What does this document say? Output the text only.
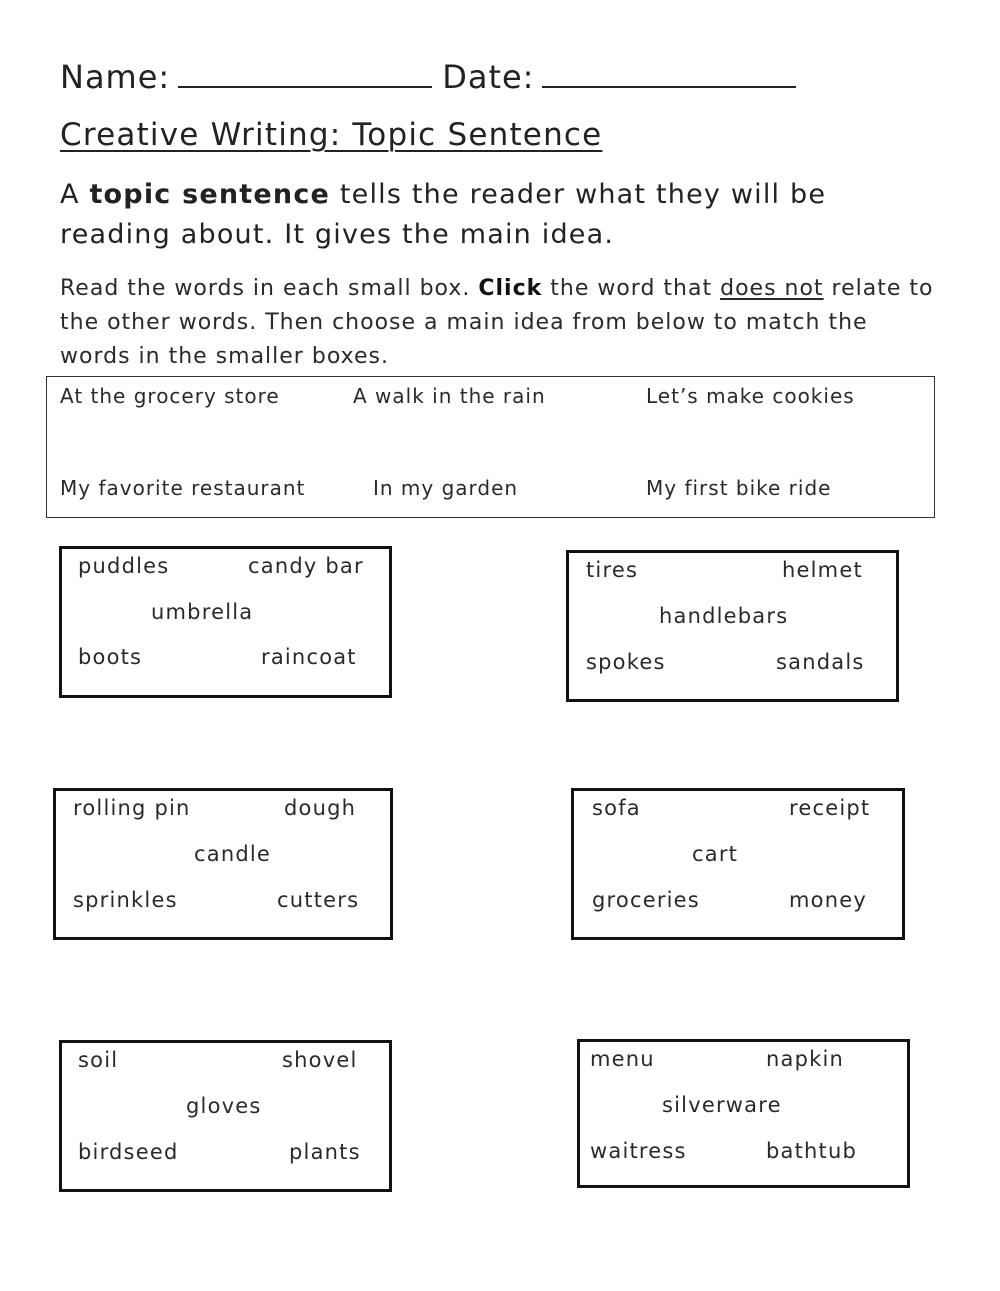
Name:	Date:
Creative Writing: Topic Sentence
A topic sentence tells the reader what they will be reading about. It gives the main idea.
Read the words in each small box. Click the word that does not relate to the other words. Then choose a main idea from below to match the words in the smaller boxes.
At the grocery store	A walk in the rain	Let’s make cookies
My favorite restaurant	In my garden	My first bike ride
puddles	candy bar
umbrella
boots	raincoat
tires	helmet
handlebars
spokes	sandals
rolling pin	dough
candle
sprinkles	cutters
sofa	receipt
cart
groceries	money
soil	shovel
gloves
birdseed	plants
menu	napkin
silverware
waitress	bathtub
